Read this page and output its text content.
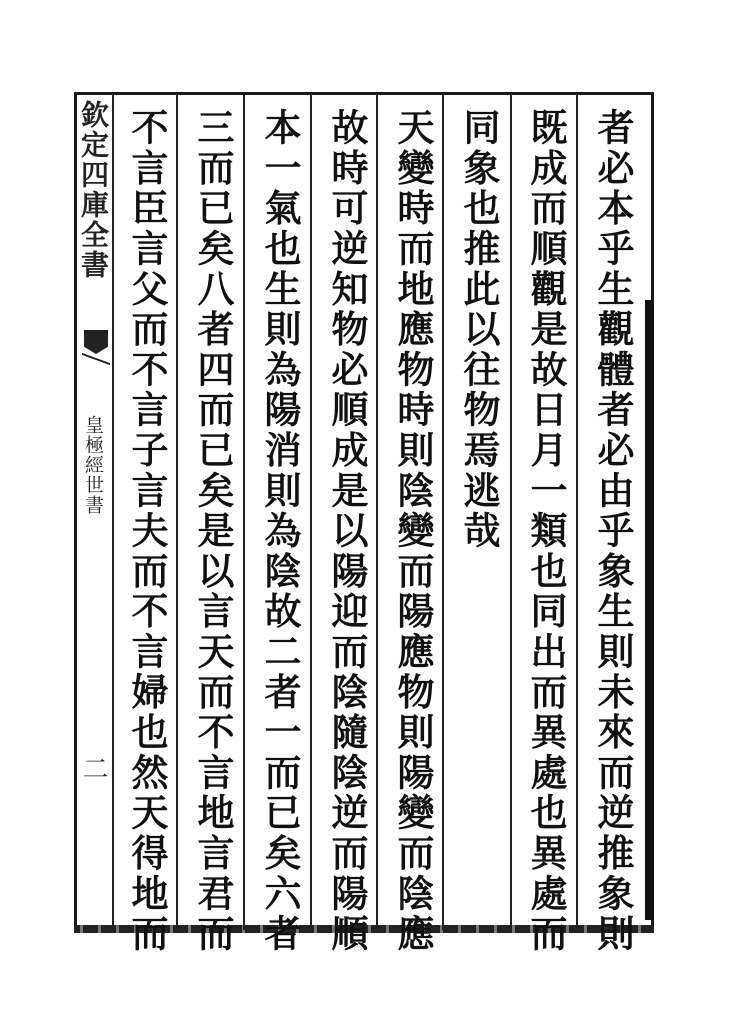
欽定四庫全書
皇極經世書
二	者必本乎生觀體者必由乎象生則未來而逆推象則
既成而順觀是故日月一類也同出而異處也異處而
同象也推此以往物焉逃哉
天變時而地應物時則陰變而陽應物則陽變而陰應
故時可逆知物必順成是以陽迎而陰隨陰逆而陽順
本一氣也生則為陽消則為陰故二者一而已矣六者
三而已矣八者四而已矣是以言天而不言地言君而
不言臣言父而不言子言夫而不言婦也然天得地而
